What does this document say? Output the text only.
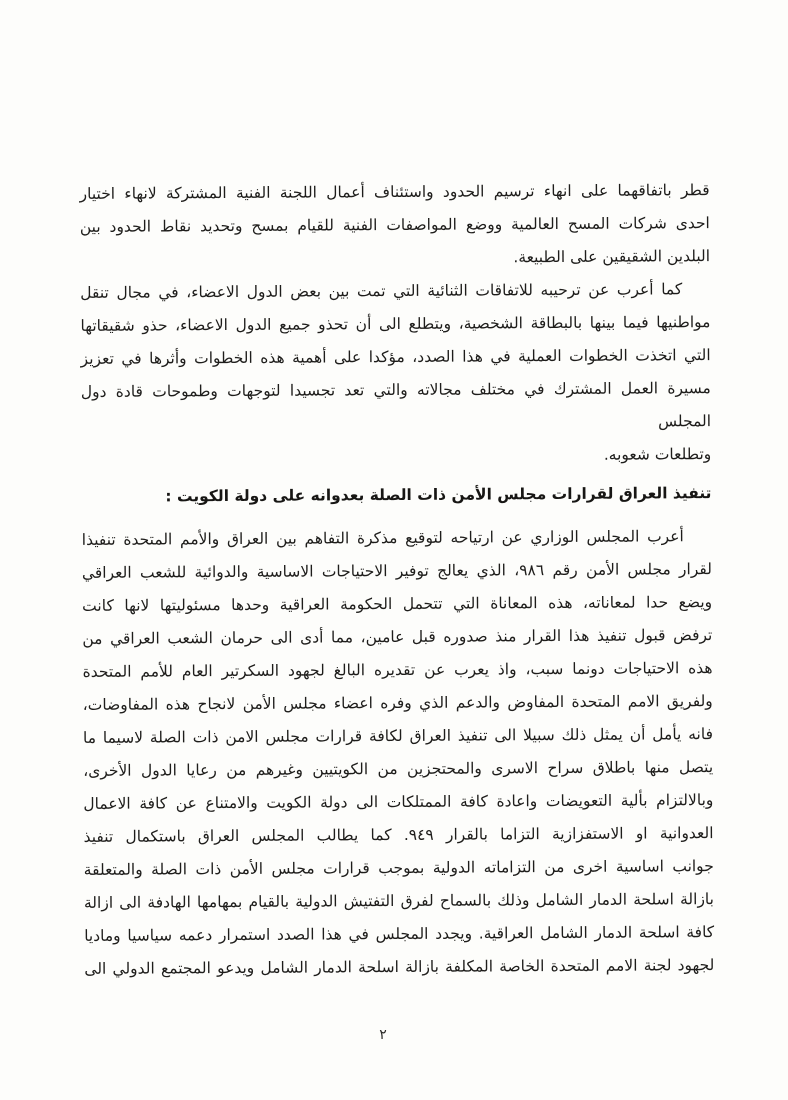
قطر باتفاقهما على انهاء ترسيم الحدود واستئناف أعمال اللجنة الفنية المشتركة لانهاء اختيار
احدى شركات المسح العالمية ووضع المواصفات الفنية للقيام بمسح وتحديد نقاط الحدود بين
البلدين الشقيقين على الطبيعة.
كما أعرب عن ترحيبه للاتفاقات الثنائية التي تمت بين بعض الدول الاعضاء، في مجال تنقل
مواطنيها فيما بينها بالبطاقة الشخصية، ويتطلع الى أن تحذو جميع الدول الاعضاء، حذو شقيقاتها
التي اتخذت الخطوات العملية في هذا الصدد، مؤكدا على أهمية هذه الخطوات وأثرها في تعزيز
مسيرة العمل المشترك في مختلف مجالاته والتي تعد تجسيدا لتوجهات وطموحات قادة دول المجلس
وتطلعات شعوبه.
تنفيذ العراق لقرارات مجلس الأمن ذات الصلة بعدوانه على دولة الكويت :
أعرب المجلس الوزاري عن ارتياحه لتوقيع مذكرة التفاهم بين العراق والأمم المتحدة تنفيذا
لقرار مجلس الأمن رقم ٩٨٦، الذي يعالج توفير الاحتياجات الاساسية والدوائية للشعب العراقي
ويضع حدا لمعاناته، هذه المعاناة التي تتحمل الحكومة العراقية وحدها مسئوليتها لانها كانت
ترفض قبول تنفيذ هذا القرار منذ صدوره قبل عامين، مما أدى الى حرمان الشعب العراقي من
هذه الاحتياجات دونما سبب، واذ يعرب عن تقديره البالغ لجهود السكرتير العام للأمم المتحدة
ولفريق الامم المتحدة المفاوض والدعم الذي وفره اعضاء مجلس الأمن لانجاح هذه المفاوضات،
فانه يأمل أن يمثل ذلك سبيلا الى تنفيذ العراق لكافة قرارات مجلس الامن ذات الصلة لاسيما ما
يتصل منها باطلاق سراح الاسرى والمحتجزين من الكويتيين وغيرهم من رعايا الدول الأخرى،
وبالالتزام بألية التعويضات واعادة كافة الممتلكات الى دولة الكويت والامتناع عن كافة الاعمال
العدوانية او الاستفزازية التزاما بالقرار ٩٤٩. كما يطالب المجلس العراق باستكمال تنفيذ
جوانب اساسية اخرى من التزاماته الدولية بموجب قرارات مجلس الأمن ذات الصلة والمتعلقة
بازالة اسلحة الدمار الشامل وذلك بالسماح لفرق التفتيش الدولية بالقيام بمهامها الهادفة الى ازالة
كافة اسلحة الدمار الشامل العراقية. ويجدد المجلس في هذا الصدد استمرار دعمه سياسيا وماديا
لجهود لجنة الامم المتحدة الخاصة المكلفة بازالة اسلحة الدمار الشامل ويدعو المجتمع الدولي الى
٢
